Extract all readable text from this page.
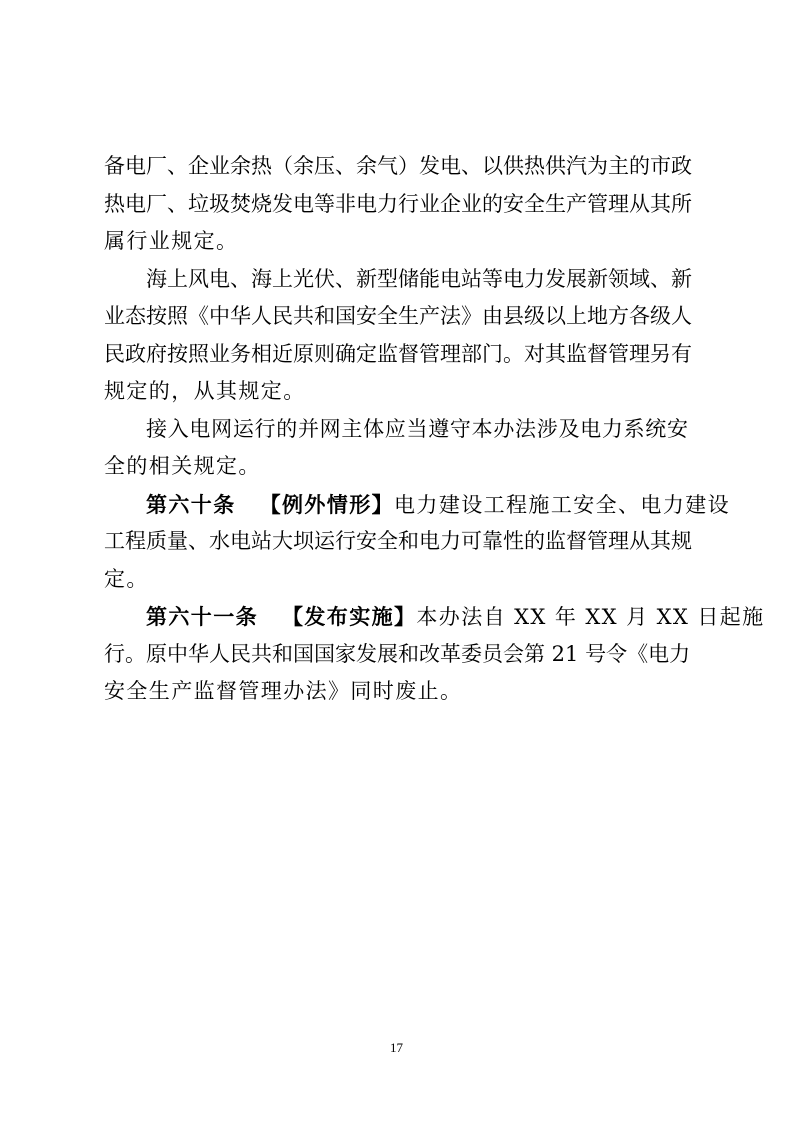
备电厂、企业余热（余压、余气）发电、以供热供汽为主的市政
热电厂、垃圾焚烧发电等非电力行业企业的安全生产管理从其所
属行业规定。
海上风电、海上光伏、新型储能电站等电力发展新领域、新
业态按照《中华人民共和国安全生产法》由县级以上地方各级人
民政府按照业务相近原则确定监督管理部门。对其监督管理另有
规定的，从其规定。
接入电网运行的并网主体应当遵守本办法涉及电力系统安
全的相关规定。
第六十条 【例外情形】电力建设工程施工安全、电力建设
工程质量、水电站大坝运行安全和电力可靠性的监督管理从其规
定。
第六十一条 【发布实施】本办法自 XX 年 XX 月 XX 日起施
行。原中华人民共和国国家发展和改革委员会第 21 号令《电力
安全生产监督管理办法》同时废止。
17
